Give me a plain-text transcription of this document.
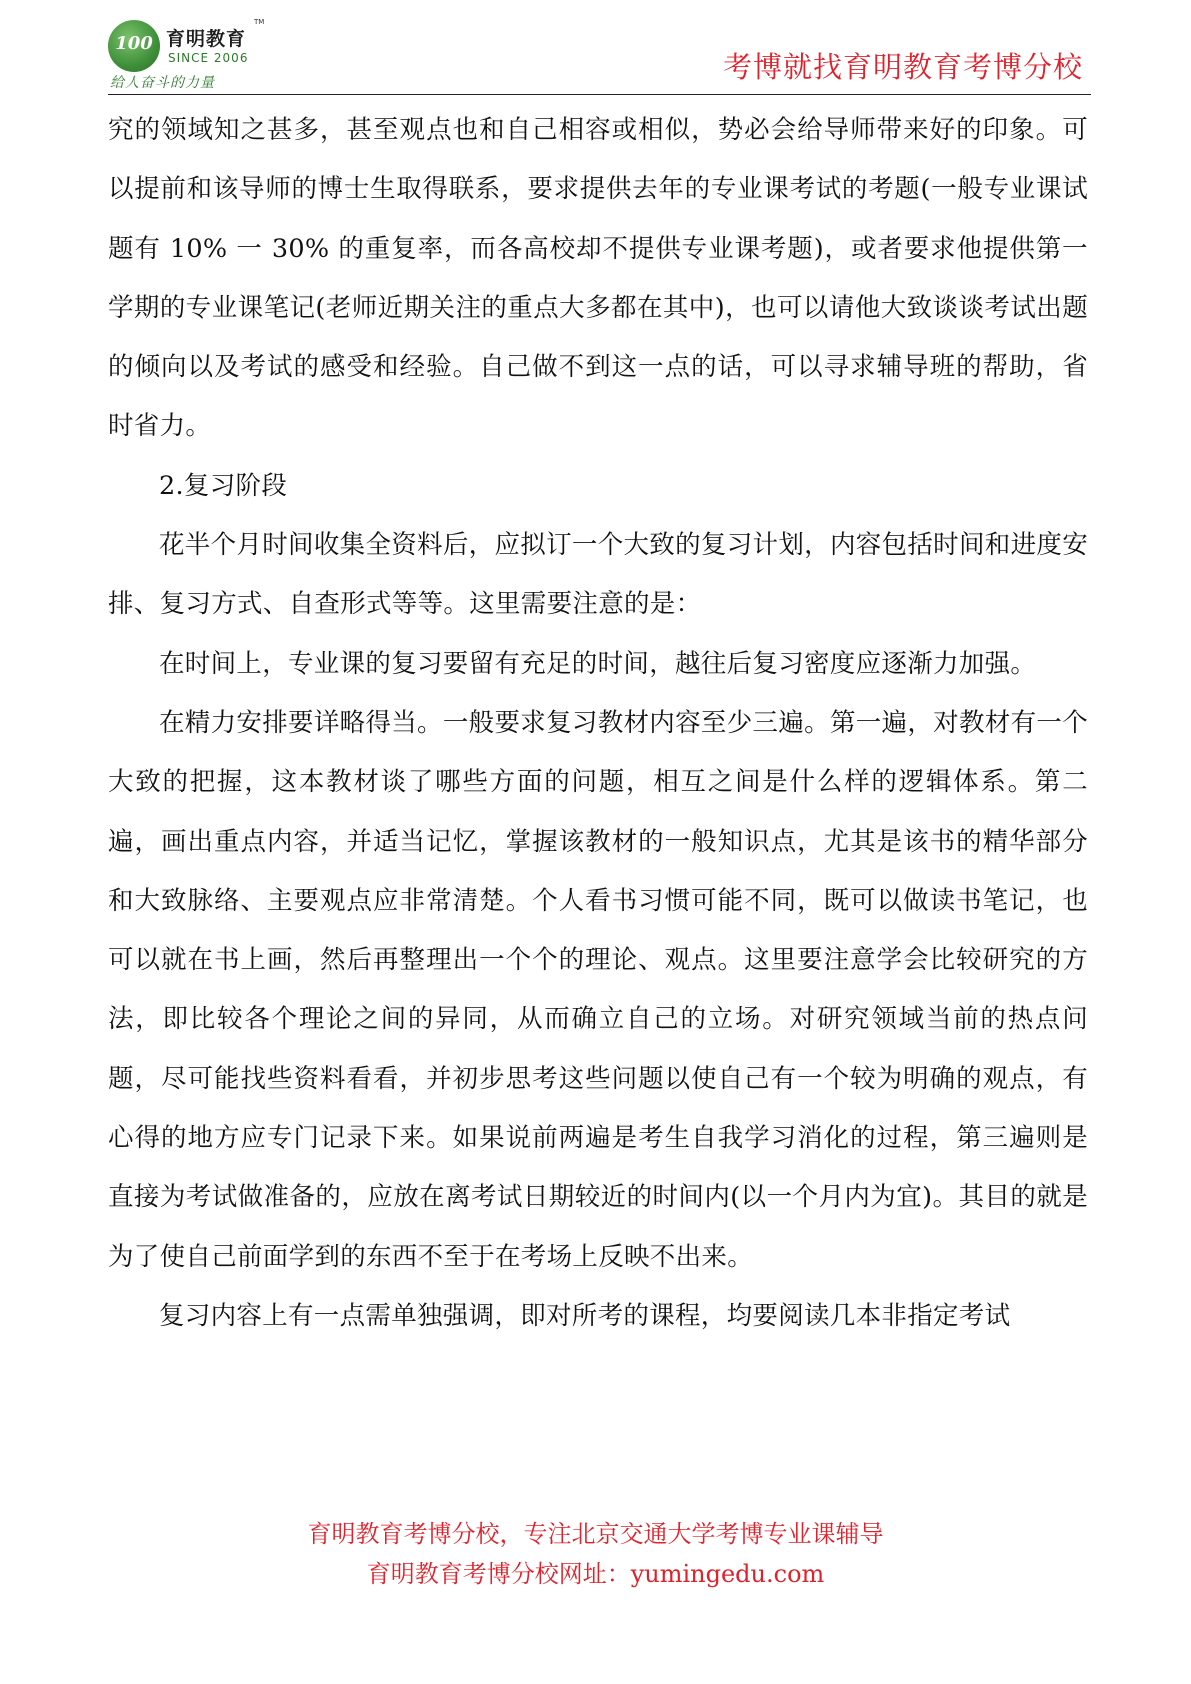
100 育明教育
TM
SINCE 2006
给人奋斗的力量	考博就找育明教育考博分校

究的领域知之甚多，甚至观点也和自己相容或相似，势必会给导师带来好的印象。可以提前和该导师的博士生取得联系，要求提供去年的专业课考试的考题(一般专业课试题有 10% 一 30% 的重复率，而各高校却不提供专业课考题)，或者要求他提供第一学期的专业课笔记(老师近期关注的重点大多都在其中)，也可以请他大致谈谈考试出题的倾向以及考试的感受和经验。自己做不到这一点的话，可以寻求辅导班的帮助，省时省力。

2.复习阶段

花半个月时间收集全资料后，应拟订一个大致的复习计划，内容包括时间和进度安排、复习方式、自查形式等等。这里需要注意的是：

在时间上，专业课的复习要留有充足的时间，越往后复习密度应逐渐力加强。

在精力安排要详略得当。一般要求复习教材内容至少三遍。第一遍，对教材有一个大致的把握，这本教材谈了哪些方面的问题，相互之间是什么样的逻辑体系。第二遍，画出重点内容，并适当记忆，掌握该教材的一般知识点，尤其是该书的精华部分和大致脉络、主要观点应非常清楚。个人看书习惯可能不同，既可以做读书笔记，也可以就在书上画，然后再整理出一个个的理论、观点。这里要注意学会比较研究的方法，即比较各个理论之间的异同，从而确立自己的立场。对研究领域当前的热点问题，尽可能找些资料看看，并初步思考这些问题以使自己有一个较为明确的观点，有心得的地方应专门记录下来。如果说前两遍是考生自我学习消化的过程，第三遍则是直接为考试做准备的，应放在离考试日期较近的时间内(以一个月内为宜)。其目的就是为了使自己前面学到的东西不至于在考场上反映不出来。

复习内容上有一点需单独强调，即对所考的课程，均要阅读几本非指定考试

育明教育考博分校，专注北京交通大学考博专业课辅导
育明教育考博分校网址：yumingedu.com
